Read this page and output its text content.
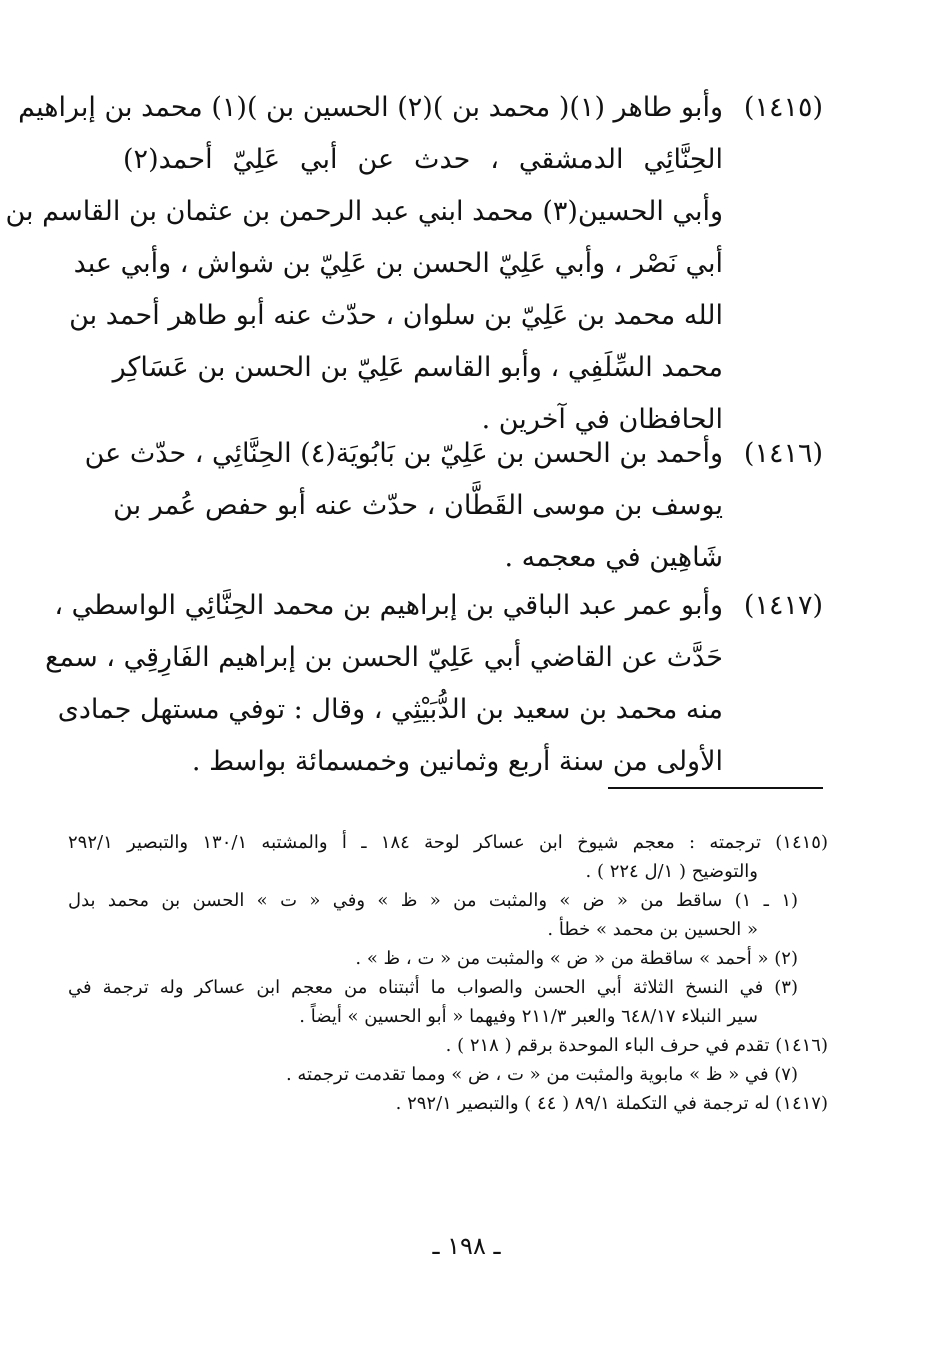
(١٤١٥)
وأبو طاهر (١)( محمد بن )(٢) الحسين بن )(١) محمد بن إبراهيم
الحِنَّائِي الدمشقي ، حدث عن أبي عَلِيّ أحمد(٢)
وأبي الحسين(٣) محمد ابني عبد الرحمن بن عثمان بن القاسم بن
أبي نَصْر ، وأبي عَلِيّ الحسن بن عَلِيّ بن شواش ، وأبي عبد
الله محمد بن عَلِيّ بن سلوان ، حدّث عنه أبو طاهر أحمد بن
محمد السِّلَفِي ، وأبو القاسم عَلِيّ بن الحسن بن عَسَاكِر
الحافظان في آخرين .
(١٤١٦)
وأحمد بن الحسن بن عَلِيّ بن بَابُويَة(٤) الحِنَّائِي ، حدّث عن
يوسف بن موسى القَطَّان ، حدّث عنه أبو حفص عُمر بن
شَاهِين في معجمه .
(١٤١٧)
وأبو عمر عبد الباقي بن إبراهيم بن محمد الحِنَّائِي الواسطي ،
حَدَّث عن القاضي أبي عَلِيّ الحسن بن إبراهيم الفَارِقِي ، سمع
منه محمد بن سعيد بن الدُّبَيْثِي ، وقال : توفي مستهل جمادى
الأولى من سنة أربع وثمانين وخمسمائة بواسط .
(١٤١٥) ترجمته : معجم شيوخ ابن عساكر لوحة ١٨٤ ـ أ والمشتبه ١٣٠/١ والتبصير ٢٩٢/١
والتوضيح ( ١/ل ٢٢٤ ) .
(١ ـ ١) ساقط من « ض » والمثبت من « ظ » وفي « ت » الحسن بن محمد بدل
« الحسين بن محمد » خطأ .
(٢) « أحمد » ساقطة من « ض » والمثبت من « ت ، ظ » .
(٣) في النسخ الثلاثة أبي الحسن والصواب ما أثبتناه من معجم ابن عساكر وله ترجمة في
سير النبلاء ٦٤٨/١٧ والعبر ٢١١/٣ وفيهما « أبو الحسين » أيضاً .
(١٤١٦) تقدم في حرف الباء الموحدة برقم ( ٢١٨ ) .
(٧) في « ظ » مابوية والمثبت من « ت ، ض » ومما تقدمت ترجمته .
(١٤١٧) له ترجمة في التكملة ٨٩/١ ( ٤٤ ) والتبصير ٢٩٢/١ .
ـ ١٩٨ ـ
